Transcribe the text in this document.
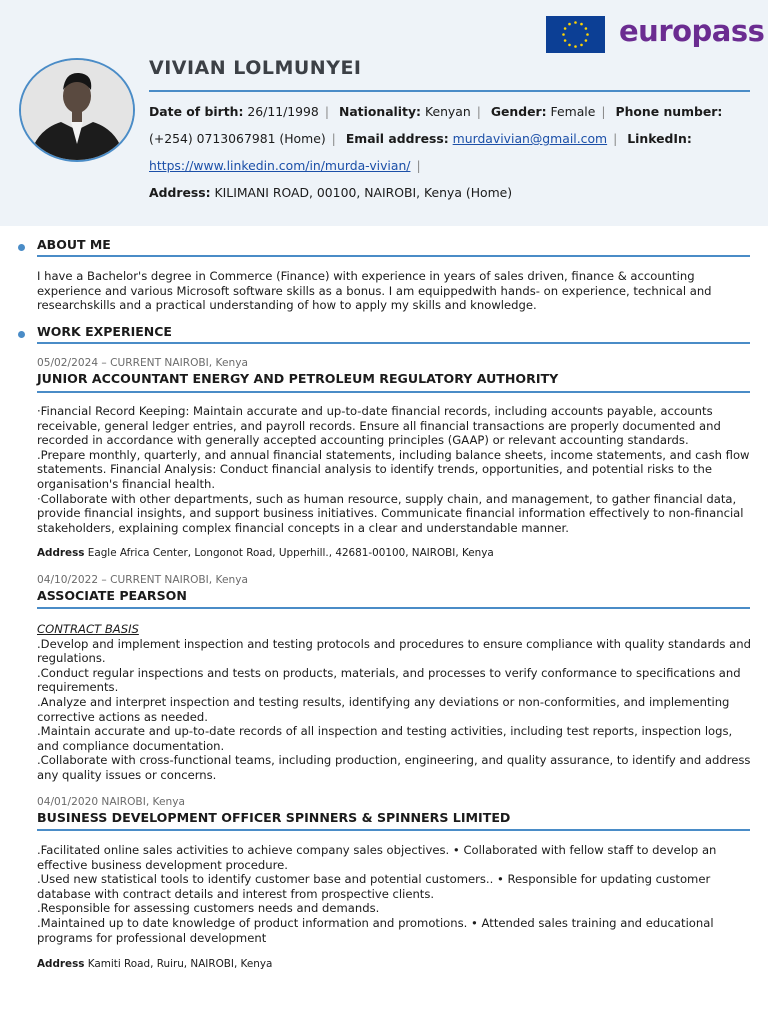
europass
VIVIAN LOLMUNYEI
Date of birth: 26/11/1998 | Nationality: Kenyan | Gender: Female | Phone number:
(+254) 0713067981 (Home) | Email address: murdavivian@gmail.com | LinkedIn:
https://www.linkedin.com/in/murda-vivian/ |
Address: KILIMANI ROAD, 00100, NAIROBI, Kenya (Home)
ABOUT ME

I have a Bachelor's degree in Commerce (Finance) with experience in years of sales driven, finance & accounting experience and various Microsoft software skills as a bonus. I am equippedwith hands- on experience, technical and researchskills and a practical understanding of how to apply my skills and knowledge.

WORK EXPERIENCE
05/02/2024 – CURRENT NAIROBI, Kenya
JUNIOR ACCOUNTANT ENERGY AND PETROLEUM REGULATORY AUTHORITY
·Financial Record Keeping: Maintain accurate and up-to-date financial records, including accounts payable, accounts receivable, general ledger entries, and payroll records. Ensure all financial transactions are properly documented and recorded in accordance with generally accepted accounting principles (GAAP) or relevant accounting standards.
.Prepare monthly, quarterly, and annual financial statements, including balance sheets, income statements, and cash flow statements. Financial Analysis: Conduct financial analysis to identify trends, opportunities, and potential risks to the organisation's financial health.
·Collaborate with other departments, such as human resource, supply chain, and management, to gather financial data, provide financial insights, and support business initiatives. Communicate financial information effectively to non-financial stakeholders, explaining complex financial concepts in a clear and understandable manner.
Address Eagle Africa Center, Longonot Road, Upperhill., 42681-00100, NAIROBI, Kenya
04/10/2022 – CURRENT NAIROBI, Kenya
ASSOCIATE PEARSON
CONTRACT BASIS
.Develop and implement inspection and testing protocols and procedures to ensure compliance with quality standards and regulations.
.Conduct regular inspections and tests on products, materials, and processes to verify conformance to specifications and requirements.
.Analyze and interpret inspection and testing results, identifying any deviations or non-conformities, and implementing corrective actions as needed.
.Maintain accurate and up-to-date records of all inspection and testing activities, including test reports, inspection logs, and compliance documentation.
.Collaborate with cross-functional teams, including production, engineering, and quality assurance, to identify and address any quality issues or concerns.
04/01/2020 NAIROBI, Kenya
BUSINESS DEVELOPMENT OFFICER SPINNERS & SPINNERS LIMITED
.Facilitated online sales activities to achieve company sales objectives. • Collaborated with fellow staff to develop an effective business development procedure.
.Used new statistical tools to identify customer base and potential customers.. • Responsible for updating customer database with contract details and interest from prospective clients.
.Responsible for assessing customers needs and demands.
.Maintained up to date knowledge of product information and promotions. • Attended sales training and educational programs for professional development
Address Kamiti Road, Ruiru, NAIROBI, Kenya
